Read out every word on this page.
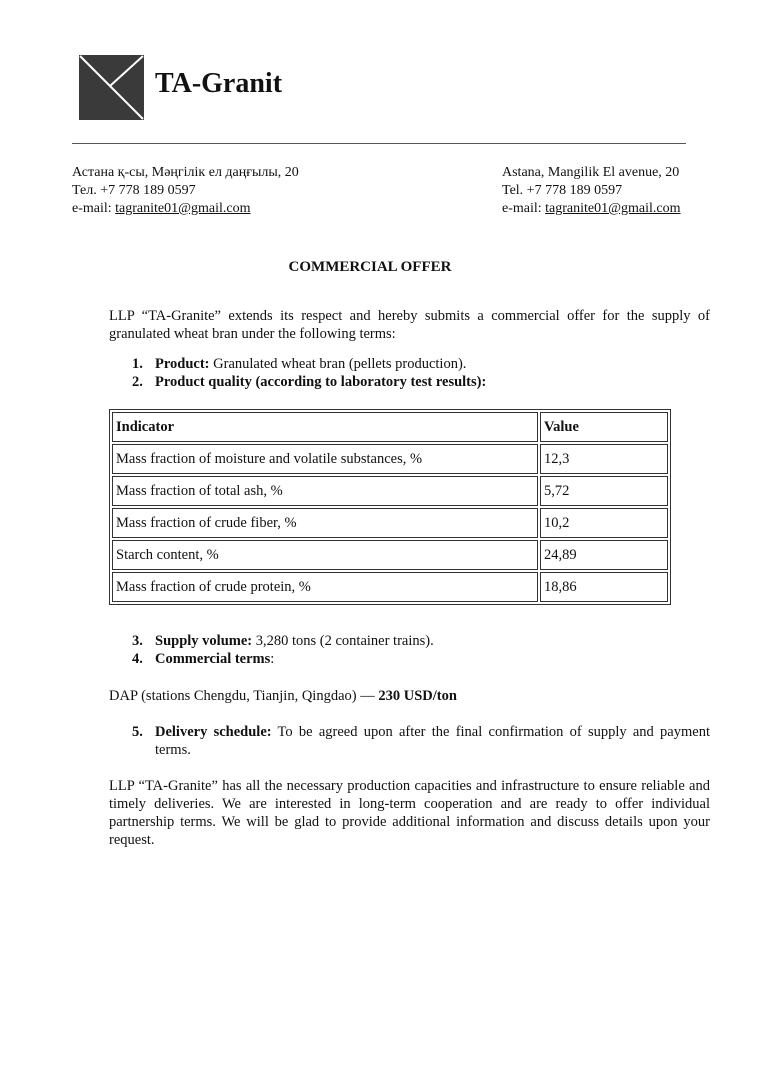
TA-Granit
Астана қ-сы, Мәңгілік ел даңғылы, 20
Тел. +7 778 189 0597
e-mail: tagranite01@gmail.com
Astana, Mangilik El avenue, 20
Tel. +7 778 189 0597
e-mail: tagranite01@gmail.com
COMMERCIAL OFFER
LLP “TA-Granite” extends its respect and hereby submits a commercial offer for the supply of granulated wheat bran under the following terms:
1. Product: Granulated wheat bran (pellets production).
2. Product quality (according to laboratory test results):
Indicator	Value
Mass fraction of moisture and volatile substances, %	12,3
Mass fraction of total ash, %	5,72
Mass fraction of crude fiber, %	10,2
Starch content, %	24,89
Mass fraction of crude protein, %	18,86
3. Supply volume: 3,280 tons (2 container trains).
4. Commercial terms:
DAP (stations Chengdu, Tianjin, Qingdao) — 230 USD/ton
5. Delivery schedule: To be agreed upon after the final confirmation of supply and payment terms.
LLP “TA-Granite” has all the necessary production capacities and infrastructure to ensure reliable and timely deliveries. We are interested in long-term cooperation and are ready to offer individual partnership terms. We will be glad to provide additional information and discuss details upon your request.
